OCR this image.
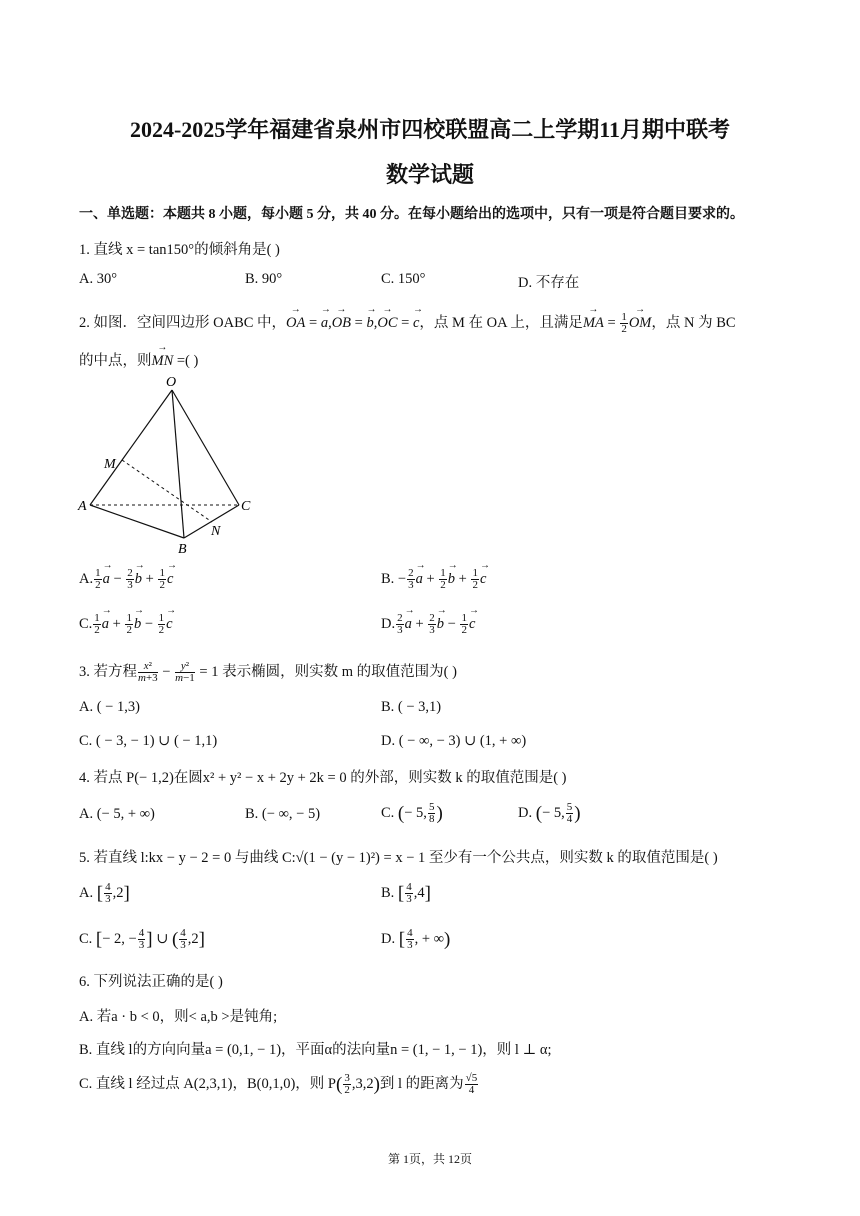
2024-2025学年福建省泉州市四校联盟高二上学期11月期中联考
数学试题
一、单选题：本题共 8 小题，每小题 5 分，共 40 分。在每小题给出的选项中，只有一项是符合题目要求的。
1. 直线 x = tan150°的倾斜角是( )
A. 30°	B. 90°	C. 150°	D. 不存在
2. 如图．空间四边形 OABC 中，→ OA = → a,→ OB = → b,→ OC = → c，点 M 在 OA 上，且满足→ MA = $\frac{1}{2}$
→ OM，点 N 为 BC
的中点，则→ MN =( )
O
M
A
B
C
N
A. $\frac{1}{2}$
→ $a - \frac{2}{3}$
→ $b + \frac{1}{2}$
→ c	B. − $\frac{2}{3}$
→ $a + \frac{1}{2}$
→ $b + \frac{1}{2}$
→ c
C. $\frac{1}{2}$
→ $a + \frac{1}{2}$
→ $b - \frac{1}{2}$
→ c	D. $\frac{2}{3}$
→ $a + \frac{2}{3}$
→ $b - \frac{1}{2}$
→ c
3. 若方程 $\frac{\text{x²}}{m+3} - \frac{\text{y²}}{m-1} = 1$ 表示椭圆，则实数 m 的取值范围为( )
A. ( − 1,3)	B. ( − 3,1)
C. ( − 3, − 1) ∪ ( − 1,1)	D. ( − ∞, − 3) ∪ (1, + ∞)
4. 若点 P(− 1,2)在圆x² + y² − x + 2y + 2k = 0 的外部，则实数 k 的取值范围是( )
A. (− 5, + ∞)	B. (− ∞, − 5)	C. (− 5, $\frac{5}{8}$ )	D. (− 5, $\frac{5}{4}$ )
5. 若直线 l:kx − y − 2 = 0 与曲线 C:√(1 − (y − 1)²) = x − 1 至少有一个公共点，则实数 k 的取值范围是( )
A. [ $\frac{4}{3} ,2$]	B. [ $\frac{4}{3} ,4$]
C. [− 2, − $\frac{4}{3}$ ] ∪ ( $\frac{4}{3} ,2$]	D. [ $\frac{4}{3}$ , + ∞)
6. 下列说法正确的是( )
A. 若a · b < 0，则< a,b >是钝角;
B. 直线 l的方向向量a = (0,1, − 1)，平面α的法向量n = (1, − 1, − 1)，则 l ⊥ α;
C. 直线 l 经过点 A(2,3,1)，B(0,1,0)，则 $P( \frac{3}{2} ,3,2)$到 l 的距离为 $\frac{√5}{4}$
第 1页，共 12页
